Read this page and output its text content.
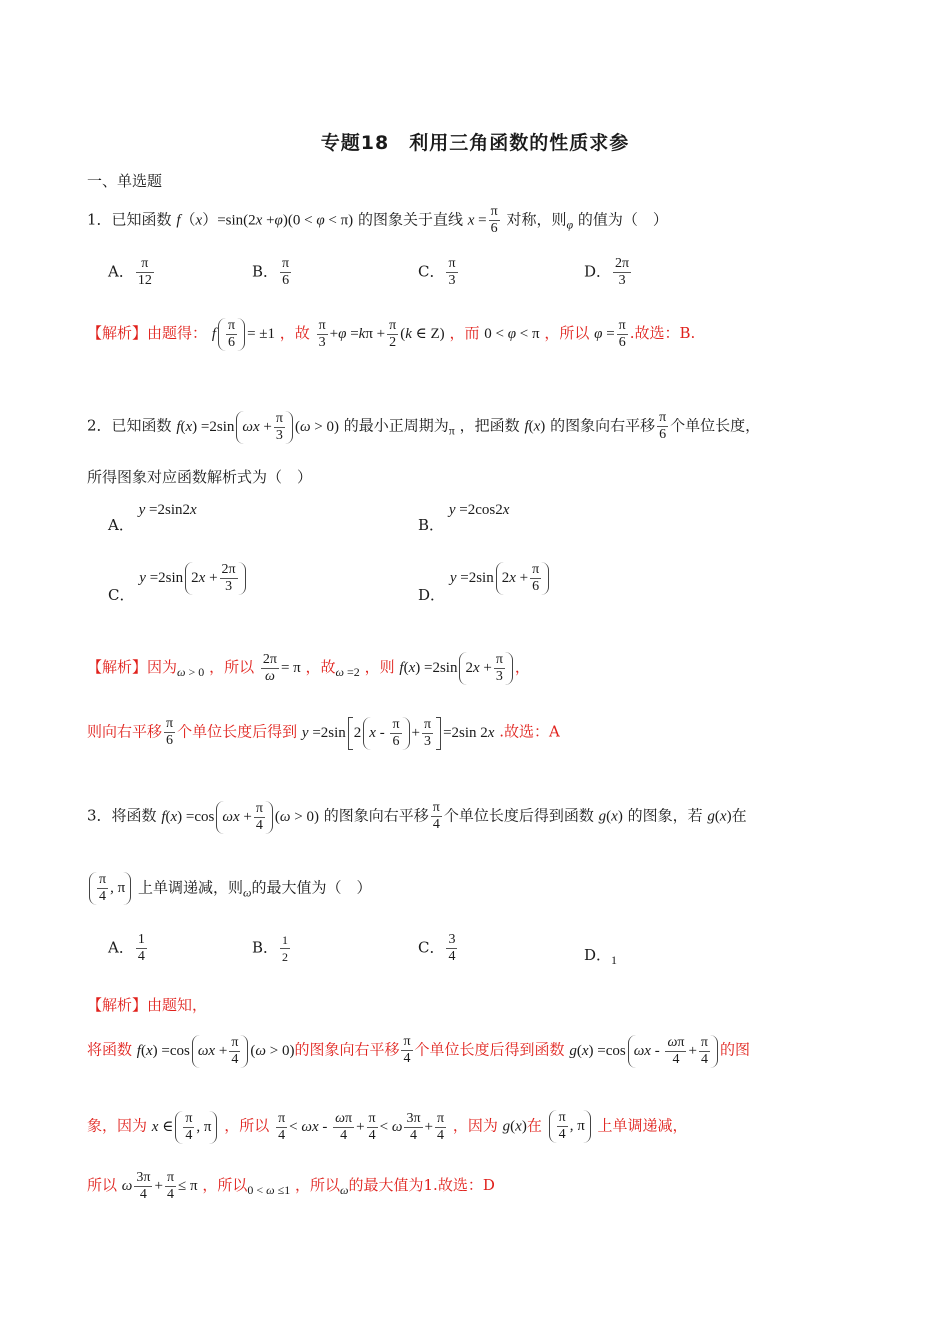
专题18　利用三角函数的性质求参
一、单选题
1．已知函数 f（x）=sin(2x +φ)(0 < φ < π) 的图象关于直线 $x = \frac{\pi}{6}$ 对称，则$_\varphi$ 的值为（　）
A． $\frac{\pi}{12}$	B． $\frac{\pi}{6}$	C． $\frac{\pi}{3}$	D． $\frac{2\pi}{3}$
【解析】由题得： f $\frac{\pi}{6} = \pm 1$ ，故 $\frac{\pi}{3} +\varphi =k\pi + \frac{\pi}{2} (k$ ∈ Z) ，而 0 < φ < π ，所以 $\varphi = \frac{\pi}{6}$ .故选：B.
2．已知函数 f(x) =2sin $\omega x + \frac{\pi}{3} (\omega > 0)$ 的最小正周期为$_\pi$ ，把函数 f(x) 的图象向右平移 $\frac{\pi}{6}$ 个单位长度，
所得图象对应函数解析式为（　）
A． y =2sin2x
B． y =2cos2x
C． y =2sin $2x + \frac{2\pi}{3}$	D． y =2sin $2x + \frac{\pi}{6}$
【解析】因为$_{\omega > 0}$ ，所以 $\frac{2\pi}{\omega} = \pi$ ，故$_{\omega =2}$ ，则 f(x) =2sin $2x + \frac{\pi}{3}$ ，
则向右平移 $\frac{\pi}{6}$ 个单位长度后得到 y =2sin 2 $x - \frac{\pi}{6} + \frac{\pi}{3} =2\sin$ 2x .故选：A
3．将函数 f(x) =cos $\omega x + \frac{\pi}{4} (\omega > 0)$ 的图象向右平移 $\frac{\pi}{4}$ 个单位长度后得到函数 g(x) 的图象，若 g(x)在
$\frac{\pi}{4}$ , π 上单调递减，则$_\omega$的最大值为（　）
A． $\frac{1}{4}$	B． $\frac{1}{2}$	C． $\frac{3}{4}$	D．$_1$
【解析】由题知，
将函数 f(x) =cos $\omega x + \frac{\pi}{4} (\omega > 0)$的图象向右平移 $\frac{\pi}{4}$ 个单位长度后得到函数 g(x) =cos $\omega x - \frac{\omega\pi}{4} + \frac{\pi}{4}$ 的图
象，因为 x ∈ $\frac{\pi}{4}$ , π ，所以 $\frac{\pi}{4} < \omega x - \frac{\omega\pi}{4} + \frac{\pi}{4} < \omega \frac{3\pi}{4} + \frac{\pi}{4}$ ，因为 g(x)在 $\frac{\pi}{4}$ , π 上单调递减，
所以 ω $\frac{3\pi}{4} + \frac{\pi}{4} \le \pi$ ，所以$_{0 < \omega \le 1}$ ，所以$_\omega$的最大值为1.故选：D
